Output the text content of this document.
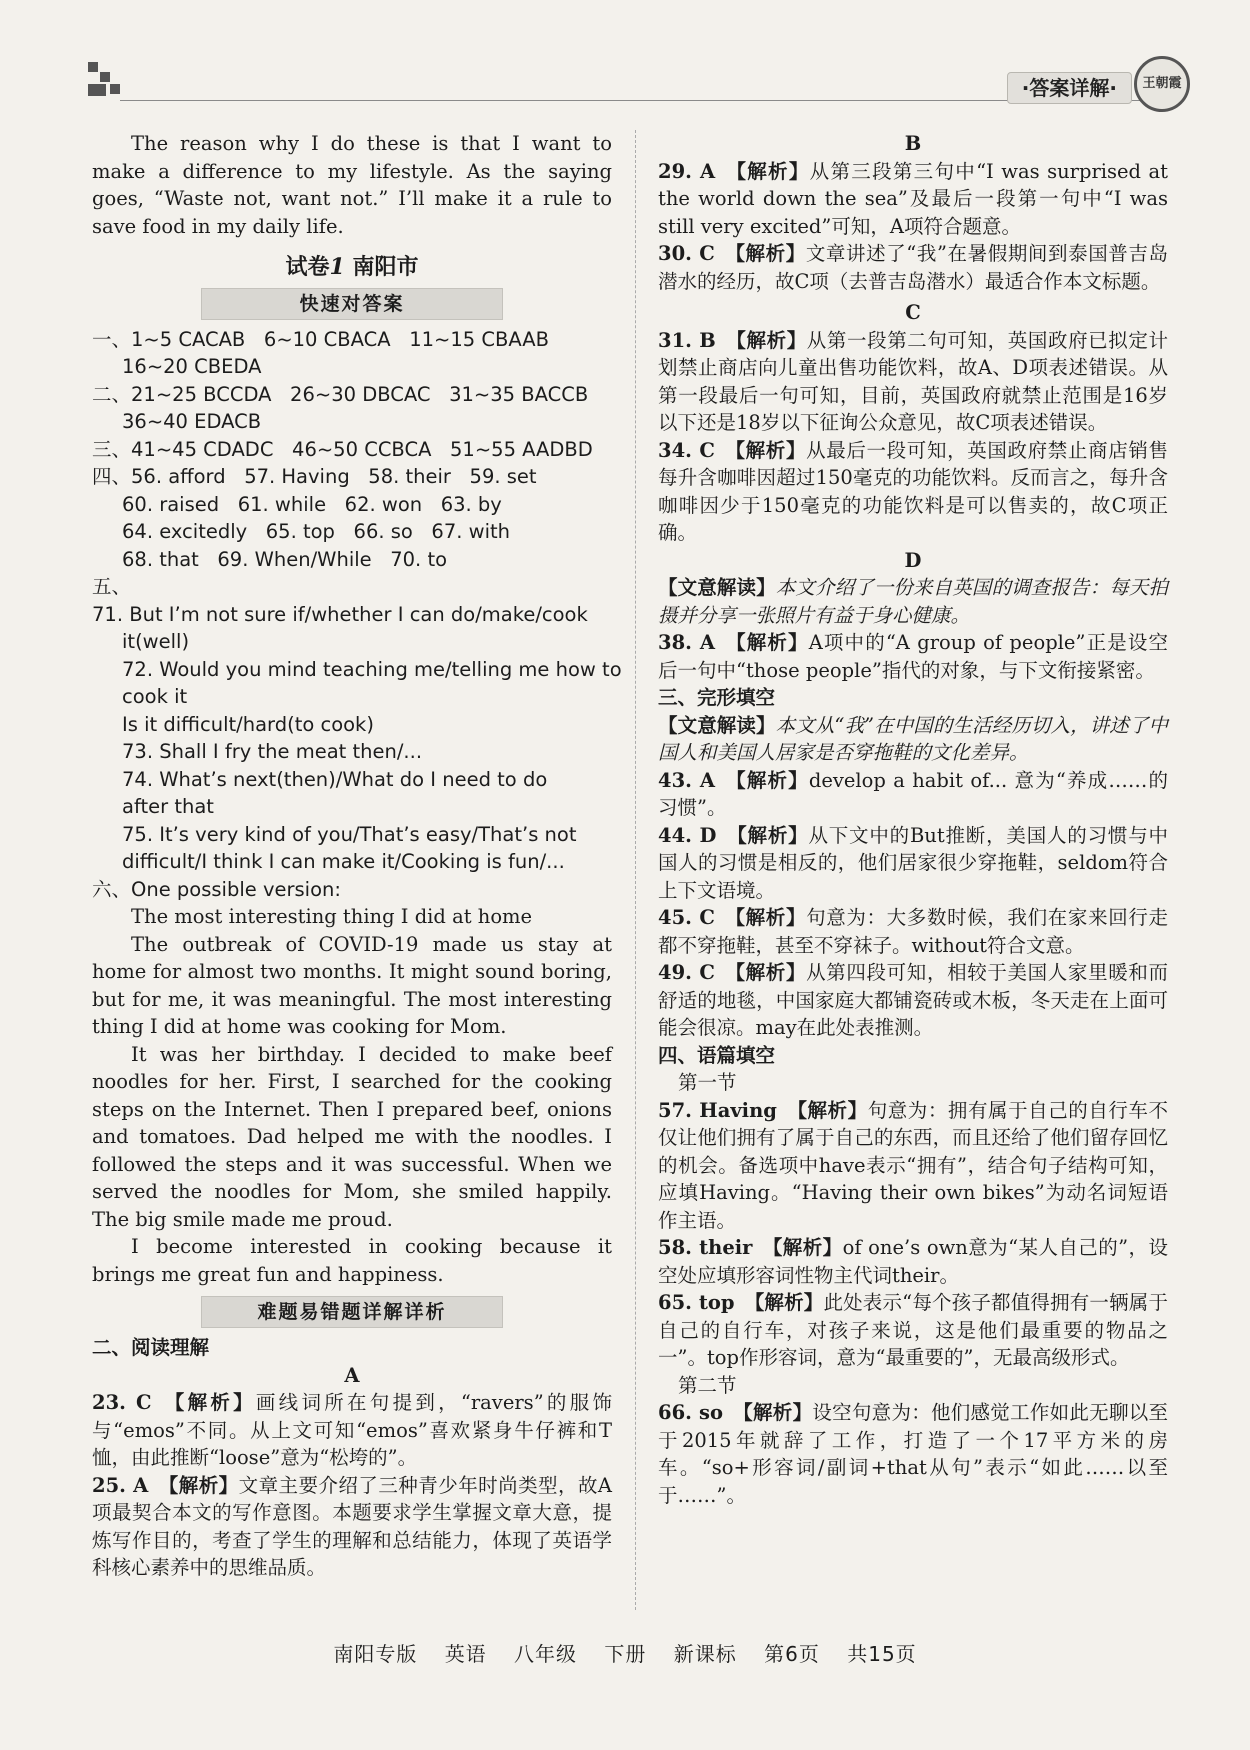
·答案详解·	王朝霞

The reason why I do these is that I want to make a difference to my lifestyle. As the saying goes, “Waste not, want not.” I’ll make it a rule to save food in my daily life.

试卷1 南阳市
快速对答案

一、1~5 CACAB   6~10 CBACA   11~15 CBAAB

16~20 CBEDA

二、21~25 BCCDA   26~30 DBCAC   31~35 BACCB

36~40 EDACB

三、41~45 CDADC   46~50 CCBCA   51~55 AADBD

四、56. afford   57. Having   58. their   59. set

60. raised   61. while   62. won   63. by

64. excitedly   65. top   66. so   67. with

68. that   69. When/While   70. to

五、71. But I’m not sure if/whether I can do/make/cook

it(well)

72. Would you mind teaching me/telling me how to

cook it

Is it difficult/hard(to cook)

73. Shall I fry the meat then/...

74. What’s next(then)/What do I need to do

after that

75. It’s very kind of you/That’s easy/That’s not

difficult/I think I can make it/Cooking is fun/...

六、One possible version:

The most interesting thing I did at home

The outbreak of COVID-19 made us stay at home for almost two months. It might sound boring, but for me, it was meaningful. The most interesting thing I did at home was cooking for Mom.

It was her birthday. I decided to make beef noodles for her. First, I searched for the cooking steps on the Internet. Then I prepared beef, onions and tomatoes. Dad helped me with the noodles. I followed the steps and it was successful. When we served the noodles for Mom, she smiled happily. The big smile made me proud.

I become interested in cooking because it brings me great fun and happiness.

难题易错题详解详析

二、阅读理解

A

23. C 【解析】画线词所在句提到，“ravers”的服饰与“emos”不同。从上文可知“emos”喜欢紧身牛仔裤和T恤，由此推断“loose”意为“松垮的”。

25. A 【解析】文章主要介绍了三种青少年时尚类型，故A项最契合本文的写作意图。本题要求学生掌握文章大意，提炼写作目的，考查了学生的理解和总结能力，体现了英语学科核心素养中的思维品质。

B

29. A 【解析】从第三段第三句中“I was surprised at the world down the sea”及最后一段第一句中“I was still very excited”可知，A项符合题意。

30. C 【解析】文章讲述了“我”在暑假期间到泰国普吉岛潜水的经历，故C项（去普吉岛潜水）最适合作本文标题。

C

31. B 【解析】从第一段第二句可知，英国政府已拟定计划禁止商店向儿童出售功能饮料，故A、D项表述错误。从第一段最后一句可知，目前，英国政府就禁止范围是16岁以下还是18岁以下征询公众意见，故C项表述错误。

34. C 【解析】从最后一段可知，英国政府禁止商店销售每升含咖啡因超过150毫克的功能饮料。反而言之，每升含咖啡因少于150毫克的功能饮料是可以售卖的，故C项正确。

D

【文意解读】本文介绍了一份来自英国的调查报告：每天拍摄并分享一张照片有益于身心健康。

38. A 【解析】A项中的“A group of people”正是设空后一句中“those people”指代的对象，与下文衔接紧密。

三、完形填空

【文意解读】本文从“我”在中国的生活经历切入，讲述了中国人和美国人居家是否穿拖鞋的文化差异。

43. A 【解析】develop a habit of... 意为“养成……的习惯”。

44. D 【解析】从下文中的But推断，美国人的习惯与中国人的习惯是相反的，他们居家很少穿拖鞋，seldom符合上下文语境。

45. C 【解析】句意为：大多数时候，我们在家来回行走都不穿拖鞋，甚至不穿袜子。without符合文意。

49. C 【解析】从第四段可知，相较于美国人家里暖和而舒适的地毯，中国家庭大都铺瓷砖或木板，冬天走在上面可能会很凉。may在此处表推测。

四、语篇填空

第一节

57. Having 【解析】句意为：拥有属于自己的自行车不仅让他们拥有了属于自己的东西，而且还给了他们留存回忆的机会。备选项中have表示“拥有”，结合句子结构可知，应填Having。“Having their own bikes”为动名词短语作主语。

58. their 【解析】of one’s own意为“某人自己的”，设空处应填形容词性物主代词their。

65. top 【解析】此处表示“每个孩子都值得拥有一辆属于自己的自行车，对孩子来说，这是他们最重要的物品之一”。top作形容词，意为“最重要的”，无最高级形式。

第二节

66. so 【解析】设空句意为：他们感觉工作如此无聊以至于2015年就辞了工作，打造了一个17平方米的房车。“so+形容词/副词+that从句”表示“如此……以至于……”。

南阳专版 英语 八年级 下册 新课标 第6页 共15页
